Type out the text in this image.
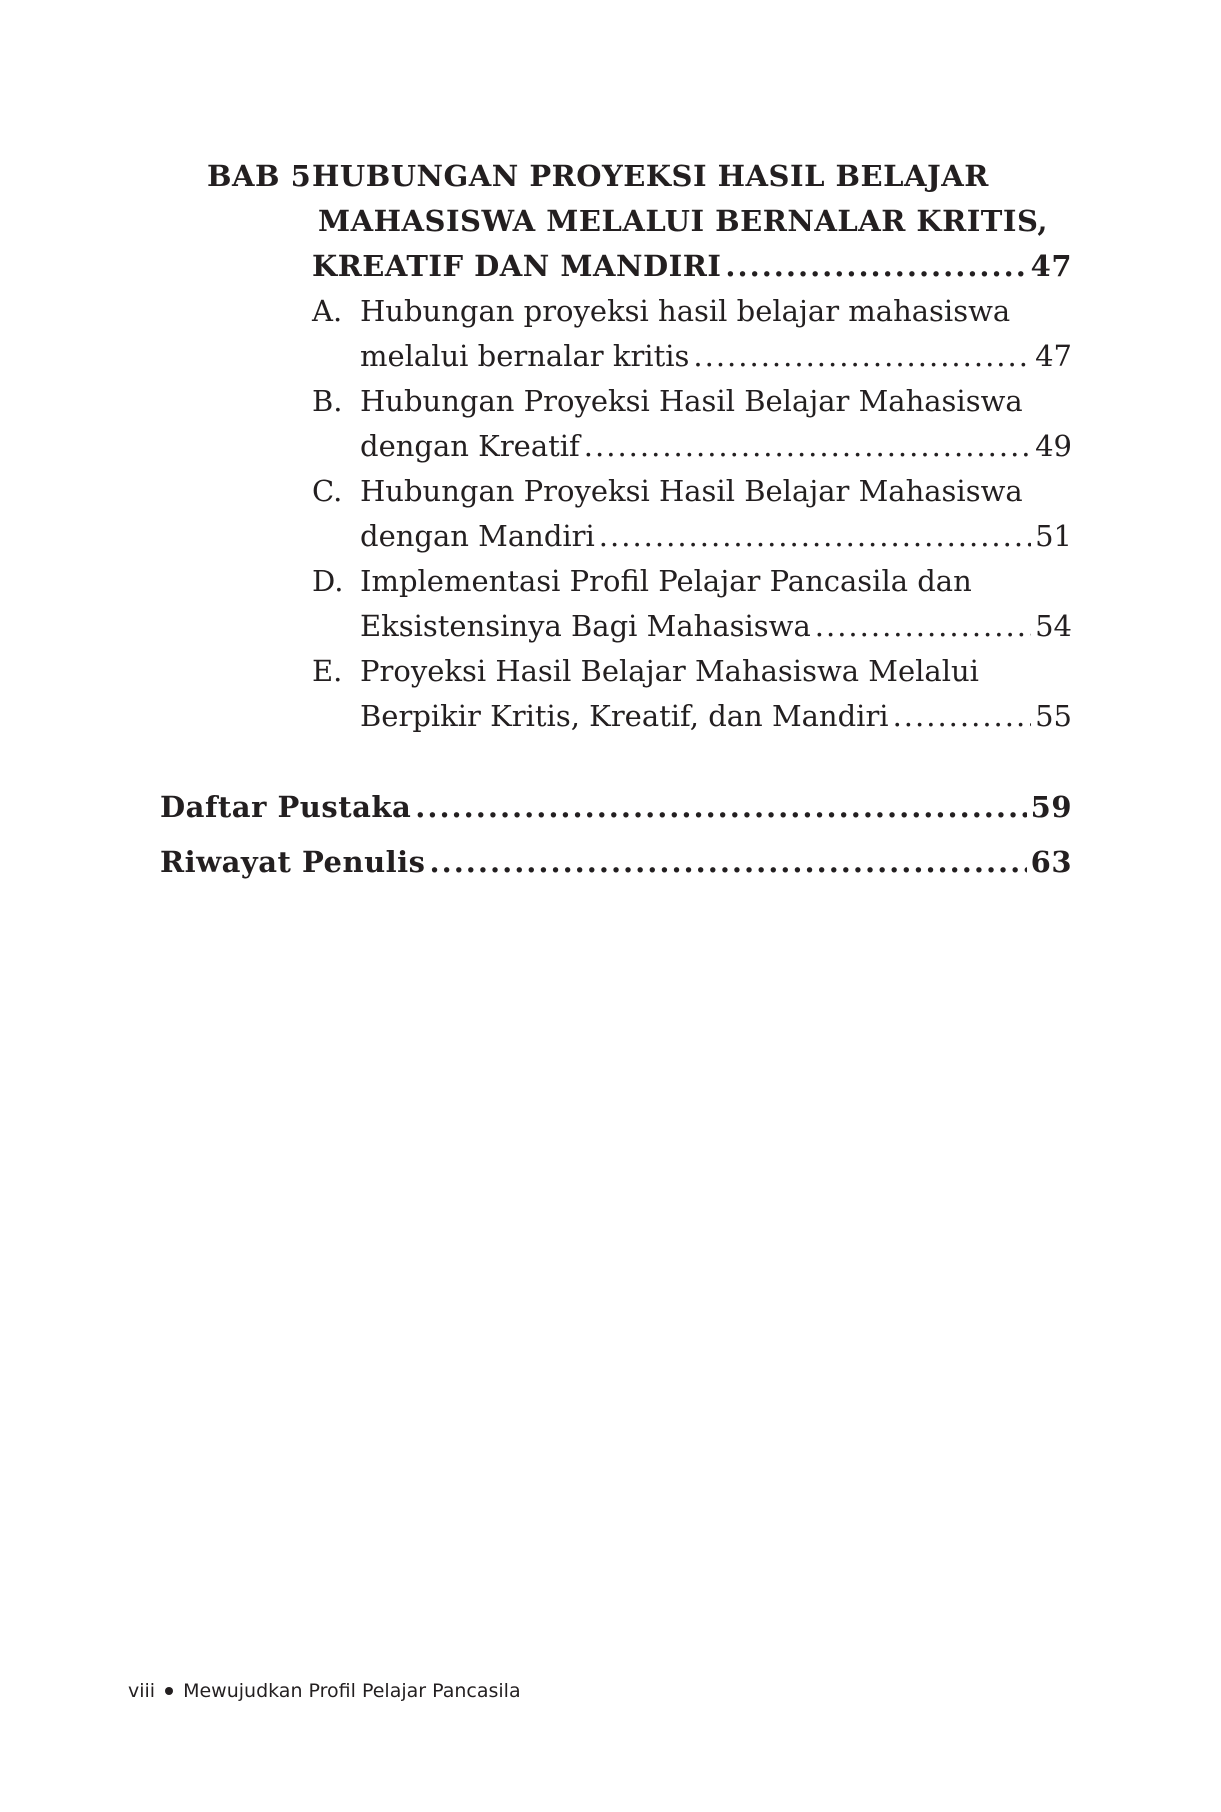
BAB 5 HUBUNGAN PROYEKSI HASIL BELAJAR
MAHASISWA MELALUI BERNALAR KRITIS,
KREATIF DAN MANDIRI .....	47
A. Hubungan proyeksi hasil belajar mahasiswa
melalui bernalar kritis .....	47
B. Hubungan Proyeksi Hasil Belajar Mahasiswa
dengan Kreatif .....	49
C. Hubungan Proyeksi Hasil Belajar Mahasiswa
dengan Mandiri .....	51
D. Implementasi Profil Pelajar Pancasila dan
Eksistensinya Bagi Mahasiswa .....	54
E. Proyeksi Hasil Belajar Mahasiswa Melalui
Berpikir Kritis, Kreatif, dan Mandiri .....	55
Daftar Pustaka .....	59
Riwayat Penulis .....	63
viii Mewujudkan Profil Pelajar Pancasila
